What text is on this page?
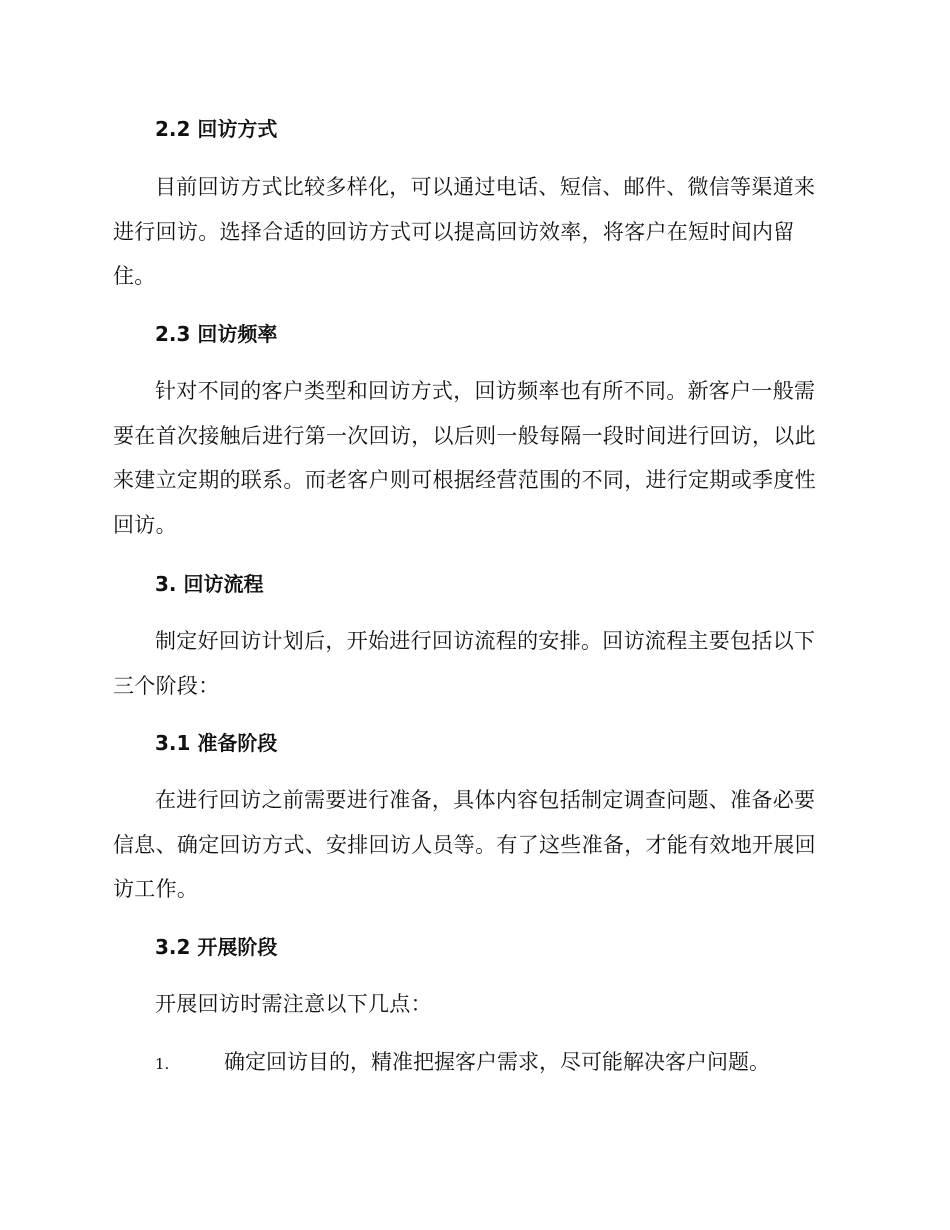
2.2 回访方式

目前回访方式比较多样化，可以通过电话、短信、邮件、微信等渠道来进行回访。选择合适的回访方式可以提高回访效率，将客户在短时间内留住。

2.3 回访频率

针对不同的客户类型和回访方式，回访频率也有所不同。新客户一般需要在首次接触后进行第一次回访，以后则一般每隔一段时间进行回访，以此来建立定期的联系。而老客户则可根据经营范围的不同，进行定期或季度性回访。

3. 回访流程

制定好回访计划后，开始进行回访流程的安排。回访流程主要包括以下三个阶段：

3.1 准备阶段

在进行回访之前需要进行准备，具体内容包括制定调查问题、准备必要信息、确定回访方式、安排回访人员等。有了这些准备，才能有效地开展回访工作。

3.2 开展阶段

开展回访时需注意以下几点：

1.	确定回访目的，精准把握客户需求，尽可能解决客户问题。
